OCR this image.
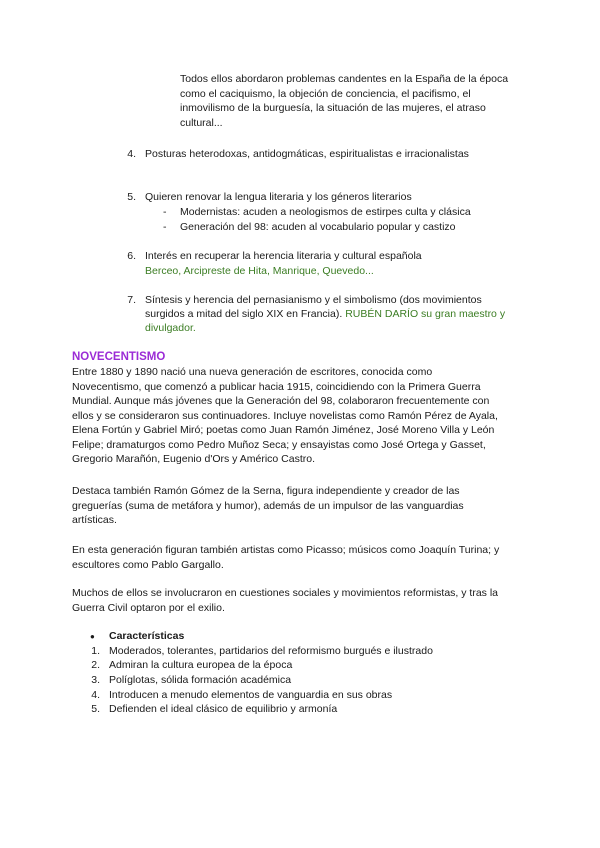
Todos ellos abordaron problemas candentes en la España de la época

como el caciquismo, la objeción de conciencia, el pacifismo, el

inmovilismo de la burguesía, la situación de las mujeres, el atraso

cultural...

4. Posturas heterodoxas, antidogmáticas, espiritualistas e irracionalistas
5. Quieren renovar la lengua literaria y los géneros literarios
- Modernistas: acuden a neologismos de estirpes culta y clásica
- Generación del 98: acuden al vocabulario popular y castizo
6. Interés en recuperar la herencia literaria y cultural española
Berceo, Arcipreste de Hita, Manrique, Quevedo...
7. Síntesis y herencia del pernasianismo y el simbolismo (dos movimientos
surgidos a mitad del siglo XIX en Francia). RUBÉN DARÍO su gran maestro y
divulgador.
NOVECENTISMO

Entre 1880 y 1890 nació una nueva generación de escritores, conocida como

Novecentismo, que comenzó a publicar hacia 1915, coincidiendo con la Primera Guerra

Mundial. Aunque más jóvenes que la Generación del 98, colaboraron frecuentemente con

ellos y se consideraron sus continuadores. Incluye novelistas como Ramón Pérez de Ayala,

Elena Fortún y Gabriel Miró; poetas como Juan Ramón Jiménez, José Moreno Villa y León

Felipe; dramaturgos como Pedro Muñoz Seca; y ensayistas como José Ortega y Gasset,

Gregorio Marañón, Eugenio d'Ors y Américo Castro.

Destaca también Ramón Gómez de la Serna, figura independiente y creador de las

greguerías (suma de metáfora y humor), además de un impulsor de las vanguardias

artísticas.

En esta generación figuran también artistas como Picasso; músicos como Joaquín Turina; y

escultores como Pablo Gargallo.

Muchos de ellos se involucraron en cuestiones sociales y movimientos reformistas, y tras la

Guerra Civil optaron por el exilio.

● Características
1. Moderados, tolerantes, partidarios del reformismo burgués e ilustrado
2. Admiran la cultura europea de la época
3. Políglotas, sólida formación académica
4. Introducen a menudo elementos de vanguardia en sus obras
5. Defienden el ideal clásico de equilibrio y armonía
